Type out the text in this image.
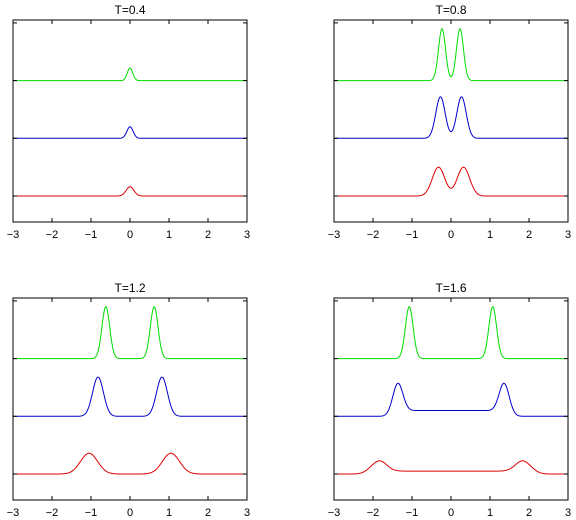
T=0.4
−3 −2 −1	0	1	2	3
T=0.8
−3 −2 −1	0	1	2	3
T=1.2
−3 −2 −1	0	1	2	3
T=1.6
−3 −2 −1	0	1	2	3
